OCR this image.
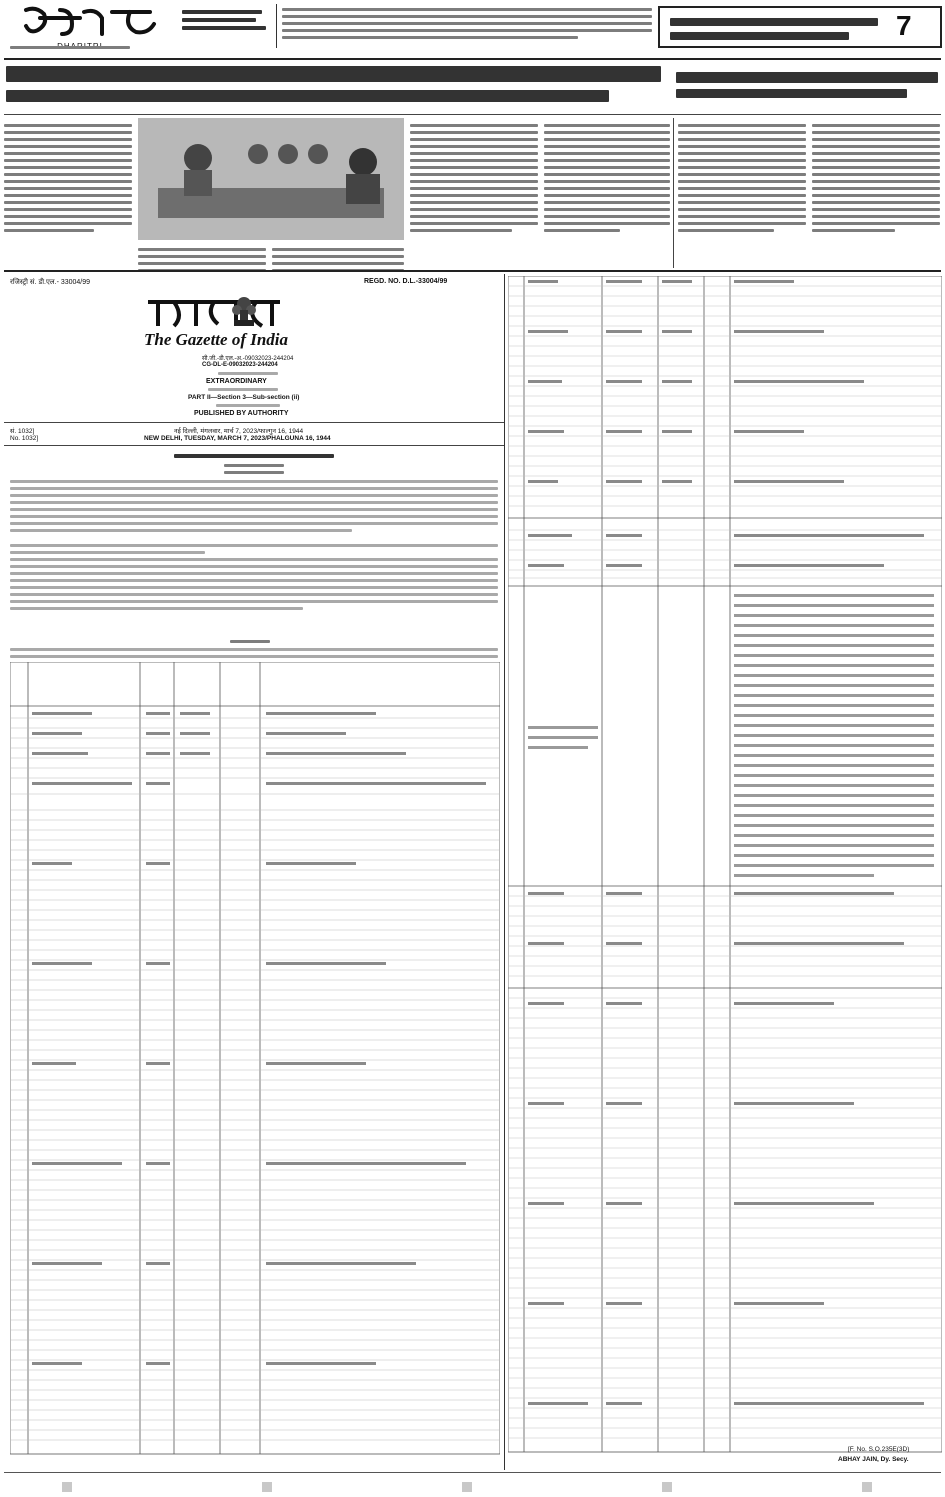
7
रजिस्ट्री सं. डी.एल.- 33004/99	REGD. NO. D.L.-33004/99
The Gazette of India
सी.जी.-डी.एल.-अ.-09032023-244204
CG-DL-E-09032023-244204
EXTRAORDINARY
PART II—Section 3—Sub-section (ii)
PUBLISHED BY AUTHORITY
सं. 1032]
No. 1032]
नई दिल्ली, मंगलवार, मार्च 7, 2023/फाल्गुन 16, 1944
NEW DELHI, TUESDAY, MARCH 7, 2023/PHALGUNA 16, 1944
[F. No. S.O.235E(3D)
ABHAY JAIN, Dy. Secy.
